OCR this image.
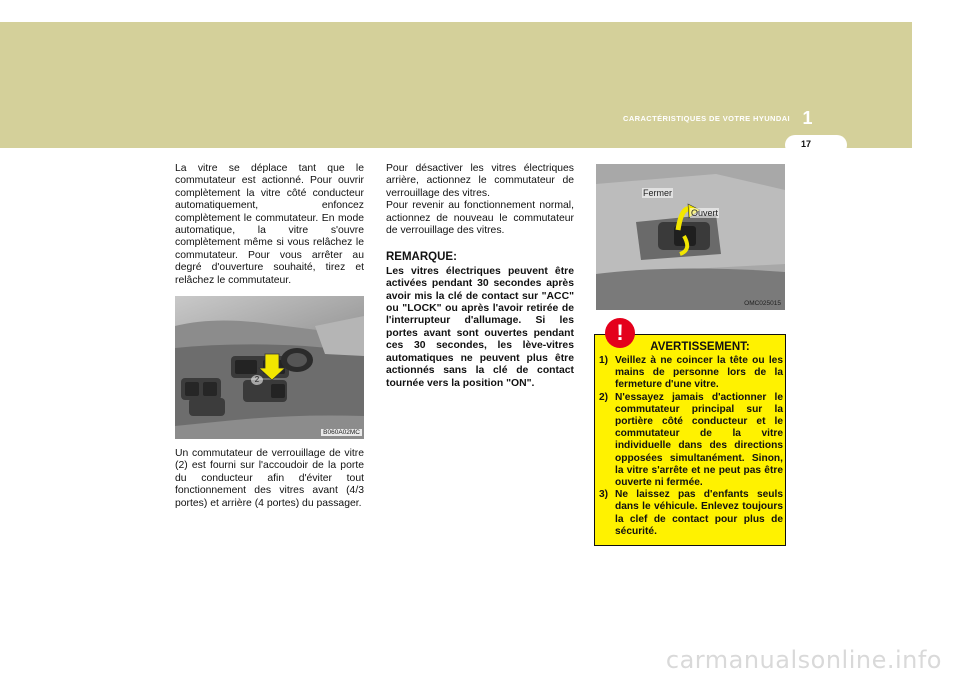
1
CARACTÉRISTIQUES DE VOTRE HYUNDAI
17

La vitre se déplace tant que le commutateur est actionné. Pour ouvrir complètement la vitre côté conducteur automatiquement, enfoncez complètement le commutateur. En mode automatique, la vitre s'ouvre complètement même si vous relâchez le commutateur. Pour vous arrêter au degré d'ouverture souhaité, tirez et relâchez le commutateur.

2
B060A02MC
Un commutateur de verrouillage de vitre (2) est fourni sur l'accoudoir de la porte du conducteur afin d'éviter tout fonctionnement des vitres avant (4/3 portes) et arrière (4 portes) du passager.

Pour désactiver les vitres électriques arrière, actionnez le commutateur de verrouillage des vitres.

Pour revenir au fonctionnement normal, actionnez de nouveau le commutateur de verrouillage des vitres.

REMARQUE:

Les vitres électriques peuvent être activées pendant 30 secondes après avoir mis la clé de contact sur "ACC" ou "LOCK" ou après l'avoir retirée de l'interrupteur d'allumage. Si les portes avant sont ouvertes pendant ces 30 secondes, les lève-vitres automatiques ne peuvent plus être actionnés sans la clé de contact tournée vers la position "ON".

Fermer
Ouvert
OMC025015
AVERTISSEMENT:
1) Veillez à ne coincer la tête ou les mains de personne lors de la fermeture d'une vitre.
2) N'essayez jamais d'actionner le commutateur principal sur la portière côté conducteur et le commutateur de la vitre individuelle dans des directions opposées simultanément. Sinon, la vitre s'arrête et ne peut pas être ouverte ni fermée.
3) Ne laissez pas d'enfants seuls dans le véhicule. Enlevez toujours la clef de contact pour plus de sécurité.
!
carmanualsonline.info
